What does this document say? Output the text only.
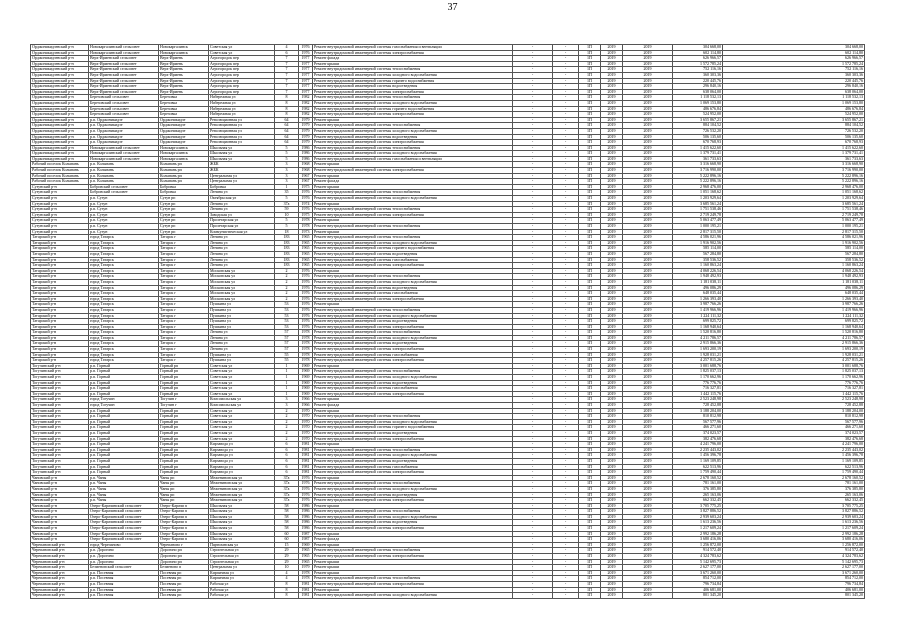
37
Орджоникидзевский р-н	Новокаргалинский сельсовет	Новокаргалинск	Советская ул	4	1976	Ремонт внутридомовой инженерной системы газоснабжения и вентиляции	-	-	1П	2019	2019	304 668,00	304 668,00
Орджоникидзевский р-н	Новокаргалинский сельсовет	Новокаргалинск	Советская ул	6	1976	Ремонт внутридомовой инженерной системы электроснабжения	-	-	1П	2019	2019	602 114,80	602 114,80
Орджоникидзевский р-н	Верх-Ирменский сельсовет	Верх-Ирмень	Агрогородок пер	7	1977	Ремонт фасада	-	-	1П	2019	2019	626 966,57	626 966,57
Орджоникидзевский р-н	Верх-Ирменский сельсовет	Верх-Ирмень	Агрогородок пер	7	1977	Ремонт крыши	-	-	1П	2019	2019	1 572 785,24	1 572 785,24
Орджоникидзевский р-н	Верх-Ирменский сельсовет	Верх-Ирмень	Агрогородок пер	7	1977	Ремонт внутридомовой инженерной системы теплоснабжения	-	-	1П	2019	2019	752 116,16	752 116,16
Орджоникидзевский р-н	Верх-Ирменский сельсовет	Верх-Ирмень	Агрогородок пер	7	1977	Ремонт внутридомовой инженерной системы холодного водоснабжения	-	-	1П	2019	2019	360 303,36	360 303,36
Орджоникидзевский р-н	Верх-Ирменский сельсовет	Верх-Ирмень	Агрогородок пер	7	1977	Ремонт внутридомовой инженерной системы горячего водоснабжения	-	-	1П	2019	2019	220 445,76	220 445,76
Орджоникидзевский р-н	Верх-Ирменский сельсовет	Верх-Ирмень	Агрогородок пер	7	1977	Ремонт внутридомовой инженерной системы водоотведения	-	-	1П	2019	2019	296 840,16	296 840,16
Орджоникидзевский р-н	Верх-Ирменский сельсовет	Верх-Ирмень	Агрогородок пер	7	1977	Ремонт внутридомовой инженерной системы электроснабжения	-	-	1П	2019	2019	638 064,00	638 064,00
Орджоникидзевский р-н	Березовский сельсовет	Березовка	Набережная ул	8	1982	Ремонт внутридомовой инженерной системы теплоснабжения	-	-	1П	2019	2019	1 118 532,13	1 118 532,13
Орджоникидзевский р-н	Березовский сельсовет	Березовка	Набережная ул	8	1982	Ремонт внутридомовой инженерной системы холодного водоснабжения	-	-	1П	2019	2019	1 069 153,80	1 069 153,80
Орджоникидзевский р-н	Березовский сельсовет	Березовка	Набережная ул	8	1982	Ремонт внутридомовой инженерной системы горячего водоснабжения	-	-	1П	2019	2019	486 676,84	486 676,84
Орджоникидзевский р-н	Березовский сельсовет	Березовка	Набережная ул	8	1982	Ремонт внутридомовой инженерной системы электроснабжения	-	-	1П	2019	2019	524 952,00	524 952,00
Орджоникидзевский р-н	р.п. Орджоникидзе	Орджоникидзе	Революционная ул	64	1979	Ремонт крыши	-	-	1П	2019	2019	3 655 867,21	3 655 867,21
Орджоникидзевский р-н	р.п. Орджоникидзе	Орджоникидзе	Революционная ул	64	1979	Ремонт внутридомовой инженерной системы теплоснабжения	-	-	1П	2019	2019	884 104,52	884 104,52
Орджоникидзевский р-н	р.п. Орджоникидзе	Орджоникидзе	Революционная ул	64	1979	Ремонт внутридомовой инженерной системы холодного водоснабжения	-	-	1П	2019	2019	726 532,20	726 532,20
Орджоникидзевский р-н	р.п. Орджоникидзе	Орджоникидзе	Революционная ул	64	1979	Ремонт внутридомовой инженерной системы водоотведения	-	-	1П	2019	2019	506 135,60	506 135,60
Орджоникидзевский р-н	р.п. Орджоникидзе	Орджоникидзе	Революционная ул	64	1979	Ремонт внутридомовой инженерной системы электроснабжения	-	-	1П	2019	2019	670 768,93	670 768,93
Орджоникидзевский р-н	Новокаргалинский сельсовет	Новокаргалинск	Школьная ул	5	1986	Ремонт внутридомовой инженерной системы теплоснабжения	-	-	1П	2019	2019	1 415 622,60	1 415 622,60
Орджоникидзевский р-н	Новокаргалинский сельсовет	Новокаргалинск	Школьная ул	5	1986	Ремонт внутридомовой инженерной системы холодного водоснабжения	-	-	1П	2019	2019	1 379 731,41	1 379 731,41
Орджоникидзевский р-н	Новокаргалинский сельсовет	Новокаргалинск	Школьная ул	5	1986	Ремонт внутридомовой инженерной системы газоснабжения и вентиляции	-	-	1П	2019	2019	361 733,63	361 733,63
Рабочий поселок Колывань	р.п. Колывань	Колывань рп	ЖБК	3	1968	Ремонт крыши	-	-	1П	2019	2019	3 316 668,90	3 316 668,90
Рабочий поселок Колывань	р.п. Колывань	Колывань рп	ЖБК	3	1968	Ремонт внутридомовой инженерной системы электроснабжения	-	-	1П	2019	2019	3 716 990,00	3 716 990,00
Рабочий поселок Колывань	р.п. Колывань	Колывань рп	Центральная ул	3	1967	Ремонт крыши	-	-	1П	2019	2019	5 222 896,16	5 222 896,16
Рабочий поселок Колывань	р.п. Колывань	Колывань рп	Центральная ул	3	1967	Ремонт фасада	-	-	1П	2019	2019	5 222 896,16	5 222 896,16
Сузунский р-н	Бобровский сельсовет	Бобровка	Бобровка	1	1975	Ремонт крыши	-	-	1П	2019	2019	2 968 476,00	2 968 476,00
Сузунский р-н	Бобровский сельсовет	Бобровка	Ленина ул	35	1976	Ремонт внутридомовой инженерной системы теплоснабжения	-	-	1П	2019	2019	1 051 168,62	1 051 168,62
Сузунский р-н	р.п. Сузун	Сузун рп	Октябрьская ул	5	1976	Ремонт внутридомовой инженерной системы холодного водоснабжения	-	-	1П	2019	2019	1 203 929,64	1 203 929,64
Сузунский р-н	р.п. Сузун	Сузун рп	Ленина ул	37а	1974	Ремонт крыши	-	-	1П	2019	2019	3 685 561,24	3 685 561,24
Сузунский р-н	р.п. Сузун	Сузун рп	Ленина ул	59	1976	Ремонт внутридомовой инженерной системы теплоснабжения	-	-	1П	2019	2019	1 751 538,46	1 751 538,46
Сузунский р-н	р.п. Сузун	Сузун рп	Заводская ул	10	1975	Ремонт внутридомовой инженерной системы электроснабжения	-	-	1П	2019	2019	2 719 249,78	2 719 249,78
Сузунский р-н	р.п. Сузун	Сузун рп	Пролетарская ул	5	1978	Ремонт крыши	-	-	1П	2019	2019	5 063 477,49	5 063 477,49
Сузунский р-н	р.п. Сузун	Сузун рп	Пролетарская ул	5	1978	Ремонт внутридомовой инженерной системы теплоснабжения	-	-	1П	2019	2019	1 000 195,21	1 000 195,21
Сузунский р-н	р.п. Сузун	Сузун рп	Коммунистическая ул	18	1973	Ремонт крыши	-	-	1П	2019	2019	2 817 315,50	2 817 315,50
Татарский р-н	город Татарск	Татарск г	Ленина ул	183	1965	Ремонт внутридомовой инженерной системы теплоснабжения	-	-	1П	2019	2019	4 586 021,96	4 586 021,96
Татарский р-н	город Татарск	Татарск г	Ленина ул	183	1965	Ремонт внутридомовой инженерной системы холодного водоснабжения	-	-	1П	2019	2019	1 916 902,56	1 916 902,56
Татарский р-н	город Татарск	Татарск г	Ленина ул	183	1965	Ремонт внутридомовой инженерной системы горячего водоснабжения	-	-	1П	2019	2019	585 114,00	585 114,00
Татарский р-н	город Татарск	Татарск г	Ленина ул	183	1965	Ремонт внутридомовой инженерной системы водоотведения	-	-	1П	2019	2019	567 284,80	567 284,80
Татарский р-н	город Татарск	Татарск г	Ленина ул	183	1965	Ремонт внутридомовой инженерной системы газоснабжения	-	-	1П	2019	2019	358 536,52	358 536,52
Татарский р-н	город Татарск	Татарск г	Ленина ул	183	1965	Ремонт внутридомовой инженерной системы электроснабжения	-	-	1П	2019	2019	1 160 863,24	1 160 863,24
Татарский р-н	город Татарск	Татарск г	Московская ул	2	1976	Ремонт крыши	-	-	1П	2019	2019	4 068 226,54	4 068 226,54
Татарский р-н	город Татарск	Татарск г	Московская ул	2	1976	Ремонт внутридомовой инженерной системы теплоснабжения	-	-	1П	2019	2019	1 948 492,93	1 948 492,93
Татарский р-н	город Татарск	Татарск г	Московская ул	2	1976	Ремонт внутридомовой инженерной системы холодного водоснабжения	-	-	1П	2019	2019	1 181 038,11	1 181 038,11
Татарский р-н	город Татарск	Татарск г	Московская ул	2	1976	Ремонт внутридомовой инженерной системы водоотведения	-	-	1П	2019	2019	496 086,29	496 086,29
Татарский р-н	город Татарск	Татарск г	Московская ул	2	1976	Ремонт внутридомовой инженерной системы газоснабжения	-	-	1П	2019	2019	648 035,44	648 035,44
Татарский р-н	город Татарск	Татарск г	Московская ул	2	1976	Ремонт внутридомовой инженерной системы электроснабжения	-	-	1П	2019	2019	1 266 393,40	1 266 393,40
Татарский р-н	город Татарск	Татарск г	Пушкина ул	53	1976	Ремонт крыши	-	-	1П	2019	2019	3 987 766,26	3 987 766,26
Татарский р-н	город Татарск	Татарск г	Пушкина ул	53	1976	Ремонт внутридомовой инженерной системы теплоснабжения	-	-	1П	2019	2019	1 419 966,96	1 419 966,96
Татарский р-н	город Татарск	Татарск г	Пушкина ул	53	1976	Ремонт внутридомовой инженерной системы холодного водоснабжения	-	-	1П	2019	2019	1 224 111,32	1 224 111,32
Татарский р-н	город Татарск	Татарск г	Пушкина ул	53	1976	Ремонт внутридомовой инженерной системы водоотведения	-	-	1П	2019	2019	699 825,72	699 825,72
Татарский р-н	город Татарск	Татарск г	Пушкина ул	53	1976	Ремонт внутридомовой инженерной системы электроснабжения	-	-	1П	2019	2019	1 168 940,64	1 168 940,64
Татарский р-н	город Татарск	Татарск г	Ленина ул	57	1978	Ремонт внутридомовой инженерной системы теплоснабжения	-	-	1П	2019	2019	1 520 816,80	1 520 816,80
Татарский р-н	город Татарск	Татарск г	Ленина ул	57	1978	Ремонт внутридомовой инженерной системы холодного водоснабжения	-	-	1П	2019	2019	4 211 786,57	4 211 786,57
Татарский р-н	город Татарск	Татарск г	Ленина ул	57	1978	Ремонт внутридомовой инженерной системы водоотведения	-	-	1П	2019	2019	2 915 866,36	2 915 866,36
Татарский р-н	город Татарск	Татарск г	Ленина ул	57	1978	Ремонт внутридомовой инженерной системы электроснабжения	-	-	1П	2019	2019	1 693 200,19	1 693 200,19
Татарский р-н	город Татарск	Татарск г	Пушкина ул	55	1978	Ремонт внутридомовой инженерной системы газоснабжения	-	-	1П	2019	2019	1 928 031,21	1 928 031,21
Татарский р-н	город Татарск	Татарск г	Пушкина ул	55	1978	Ремонт внутридомовой инженерной системы электроснабжения	-	-	1П	2019	2019	4 257 815,26	4 257 815,26
Тогучинский р-н	р.п. Горный	Горный рп	Советская ул	1	1969	Ремонт крыши	-	-	1П	2019	2019	3 001 688,76	3 001 688,76
Тогучинский р-н	р.п. Горный	Горный рп	Советская ул	1	1969	Ремонт внутридомовой инженерной системы теплоснабжения	-	-	1П	2019	2019	1 825 037,13	1 825 037,13
Тогучинский р-н	р.п. Горный	Горный рп	Советская ул	1	1969	Ремонт внутридомовой инженерной системы холодного водоснабжения	-	-	1П	2019	2019	1 170 662,96	1 170 662,96
Тогучинский р-н	р.п. Горный	Горный рп	Советская ул	1	1969	Ремонт внутридомовой инженерной системы водоотведения	-	-	1П	2019	2019	776 776,76	776 776,76
Тогучинский р-н	р.п. Горный	Горный рп	Советская ул	1	1969	Ремонт внутридомовой инженерной системы газоснабжения	-	-	1П	2019	2019	716 327,81	716 327,81
Тогучинский р-н	р.п. Горный	Горный рп	Советская ул	1	1969	Ремонт внутридомовой инженерной системы электроснабжения	-	-	1П	2019	2019	1 442 115,76	1 442 115,76
Тогучинский р-н	город Тогучин	Тогучин г	Комсомольская ул	3	1966	Ремонт крыши	-	-	1П	2019	2019	2 523 248,98	2 523 248,98
Тогучинский р-н	город Тогучин	Тогучин г	Комсомольская ул	3	1966	Ремонт фасада	-	-	1П	2019	2019	728 452,88	728 452,88
Тогучинский р-н	р.п. Горный	Горный рп	Советская ул	2	1970	Ремонт крыши	-	-	1П	2019	2019	3 188 204,00	3 188 204,00
Тогучинский р-н	р.п. Горный	Горный рп	Советская ул	2	1970	Ремонт внутридомовой инженерной системы теплоснабжения	-	-	1П	2019	2019	810 812,98	810 812,98
Тогучинский р-н	р.п. Горный	Горный рп	Советская ул	2	1970	Ремонт внутридомовой инженерной системы холодного водоснабжения	-	-	1П	2019	2019	567 577,96	567 577,96
Тогучинский р-н	р.п. Горный	Горный рп	Советская ул	2	1970	Ремонт внутридомовой инженерной системы горячего водоснабжения	-	-	1П	2019	2019	466 271,60	466 271,60
Тогучинский р-н	р.п. Горный	Горный рп	Советская ул	2	1970	Ремонт внутридомовой инженерной системы водоотведения	-	-	1П	2019	2019	374 023,57	374 023,57
Тогучинский р-н	р.п. Горный	Горный рп	Советская ул	2	1970	Ремонт внутридомовой инженерной системы электроснабжения	-	-	1П	2019	2019	382 476,68	382 476,68
Тогучинский р-н	р.п. Горный	Горный рп	Кирзавода ул	6	1981	Ремонт крыши	-	-	1П	2019	2019	4 241 796,00	4 241 796,00
Тогучинский р-н	р.п. Горный	Горный рп	Кирзавода ул	6	1981	Ремонт внутридомовой инженерной системы теплоснабжения	-	-	1П	2019	2019	2 235 443,02	2 235 443,02
Тогучинский р-н	р.п. Горный	Горный рп	Кирзавода ул	6	1981	Ремонт внутридомовой инженерной системы холодного водоснабжения	-	-	1П	2019	2019	1 456 396,78	1 456 396,78
Тогучинский р-н	р.п. Горный	Горный рп	Кирзавода ул	6	1981	Ремонт внутридомовой инженерной системы водоотведения	-	-	1П	2019	2019	1 169 109,85	1 169 109,85
Тогучинский р-н	р.п. Горный	Горный рп	Кирзавода ул	6	1981	Ремонт внутридомовой инженерной системы газоснабжения	-	-	1П	2019	2019	622 513,96	622 513,96
Тогучинский р-н	р.п. Горный	Горный рп	Кирзавода ул	6	1981	Ремонт внутридомовой инженерной системы электроснабжения	-	-	1П	2019	2019	1 759 490,44	1 759 490,44
Чановский р-н	р.п. Чаны	Чаны рп	Межениновская ул	37а	1976	Ремонт крыши	-	-	1П	2019	2019	2 678 160,52	2 678 160,52
Чановский р-н	р.п. Чаны	Чаны рп	Межениновская ул	37а	1976	Ремонт внутридомовой инженерной системы теплоснабжения	-	-	1П	2019	2019	781 161,00	781 161,00
Чановский р-н	р.п. Чаны	Чаны рп	Межениновская ул	37а	1976	Ремонт внутридомовой инженерной системы холодного водоснабжения	-	-	1П	2019	2019	376 385,80	376 385,80
Чановский р-н	р.п. Чаны	Чаны рп	Межениновская ул	37а	1976	Ремонт внутридомовой инженерной системы водоотведения	-	-	1П	2019	2019	265 163,06	265 163,06
Чановский р-н	р.п. Чаны	Чаны рп	Межениновская ул	37а	1976	Ремонт внутридомовой инженерной системы электроснабжения	-	-	1П	2019	2019	662 332,45	662 332,45
Чановский р-н	Озеро-Карачинский сельсовет	Озеро-Карачи п	Школьная ул	58	1986	Ремонт крыши	-	-	1П	2019	2019	3 705 775,25	3 705 775,25
Чановский р-н	Озеро-Карачинский сельсовет	Озеро-Карачи п	Школьная ул	58	1986	Ремонт внутридомовой инженерной системы теплоснабжения	-	-	1П	2019	2019	3 827 886,52	3 827 886,52
Чановский р-н	Озеро-Карачинский сельсовет	Озеро-Карачи п	Школьная ул	58	1986	Ремонт внутридомовой инженерной системы холодного водоснабжения	-	-	1П	2019	2019	2 939 603,24	2 939 603,24
Чановский р-н	Озеро-Карачинский сельсовет	Озеро-Карачи п	Школьная ул	58	1986	Ремонт внутридомовой инженерной системы водоотведения	-	-	1П	2019	2019	1 613 236,56	1 613 236,56
Чановский р-н	Озеро-Карачинский сельсовет	Озеро-Карачи п	Школьная ул	58	1986	Ремонт внутридомовой инженерной системы электроснабжения	-	-	1П	2019	2019	1 217 609,24	1 217 609,24
Чановский р-н	Озеро-Карачинский сельсовет	Озеро-Карачи п	Школьная ул	60	1987	Ремонт крыши	-	-	1П	2019	2019	2 992 186,28	2 992 186,28
Чановский р-н	Озеро-Карачинский сельсовет	Озеро-Карачи п	Школьная ул	60	1987	Ремонт фасада	-	-	1П	2019	2019	3 680 416,06	3 680 416,06
Черепановский р-н	город Черепаново	Черепаново г	Партизанская ул	15	1969	Ремонт крыши	-	-	1П	2019	2019	1 256 872,00	1 256 872,00
Черепановский р-н	р.п. Дорогино	Дорогино рп	Строительная ул	29	1965	Ремонт внутридомовой инженерной системы теплоснабжения	-	-	1П	2019	2019	914 572,40	914 572,40
Черепановский р-н	р.п. Дорогино	Дорогино рп	Строительная ул	29	1965	Ремонт внутридомовой инженерной системы электроснабжения	-	-	1П	2019	2019	4 324 783,62	4 324 783,62
Черепановский р-н	р.п. Дорогино	Дорогино рп	Строительная ул	29	1965	Ремонт крыши	-	-	1П	2019	2019	5 142 695,73	5 142 695,73
Черепановский р-н	Безменовский сельсовет	Безменово п	Центральная ул	10	1979	Ремонт крыши	-	-	1П	2019	2019	2 627 177,00	2 627 177,00
Черепановский р-н	р.п. Посевная	Посевная рп	Кирпичная ул	4	1978	Ремонт крыши	-	-	1П	2019	2019	3 671 260,00	3 671 260,00
Черепановский р-н	р.п. Посевная	Посевная рп	Кирпичная ул	4	1978	Ремонт внутридомовой инженерной системы теплоснабжения	-	-	1П	2019	2019	854 712,00	854 712,00
Черепановский р-н	р.п. Посевная	Посевная рп	Рабочая ул	8	1981	Ремонт внутридомовой инженерной системы электроснабжения	-	-	1П	2019	2019	796 734,84	796 734,84
Черепановский р-н	р.п. Посевная	Посевная рп	Рабочая ул	8	1981	Ремонт крыши	-	-	1П	2019	2019	406 681,00	406 681,00
Черепановский р-н	р.п. Посевная	Посевная рп	Рабочая ул	8	1981	Ремонт внутридомовой инженерной системы холодного водоснабжения	-	-	1П	2019	2019	801 345,20	801 345,20
